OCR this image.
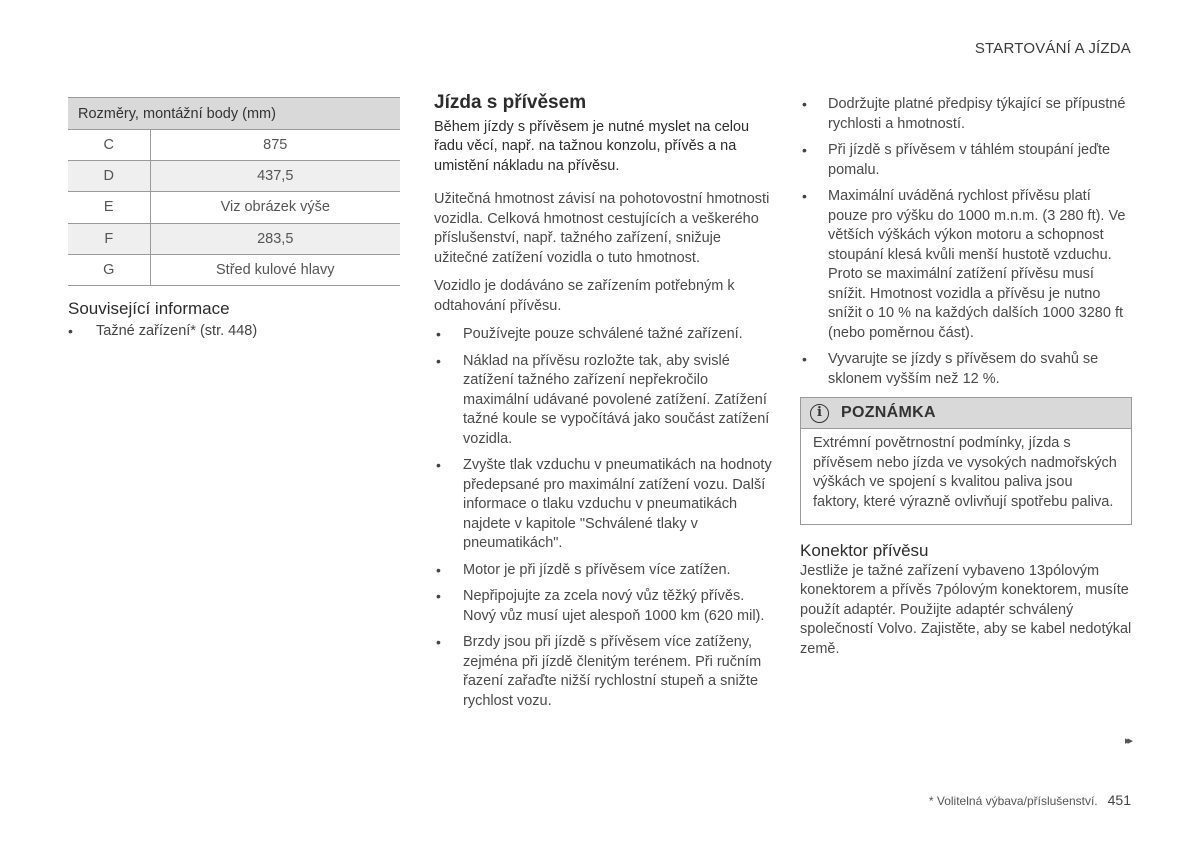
STARTOVÁNÍ A JÍZDA
Rozměry, montážní body (mm)	
C	875
D	437,5
E	Viz obrázek výše
F	283,5
G	Střed kulové hlavy
Související informace
• Tažné zařízení* (str. 448)
Jízda s přívěsem

Během jízdy s přívěsem je nutné myslet na celou řadu věcí, např. na tažnou konzolu, přívěs a na umistění nákladu na přívěsu.

Užitečná hmotnost závisí na pohotovostní hmotnosti vozidla. Celková hmotnost cestujících a veškerého příslušenství, např. tažného zařízení, snižuje užitečné zatížení vozidla o tuto hmotnost.

Vozidlo je dodáváno se zařízením potřebným k odtahování přívěsu.

• Používejte pouze schválené tažné zařízení.
• Náklad na přívěsu rozložte tak, aby svislé zatížení tažného zařízení nepřekročilo maximální udávané povolené zatížení. Zatížení tažné koule se vypočítává jako součást zatížení vozidla.
• Zvyšte tlak vzduchu v pneumatikách na hodnoty předepsané pro maximální zatížení vozu. Další informace o tlaku vzduchu v pneumatikách najdete v kapitole "Schválené tlaky v pneumatikách".
• Motor je při jízdě s přívěsem více zatížen.
• Nepřipojujte za zcela nový vůz těžký přívěs. Nový vůz musí ujet alespoň 1000 km (620 mil).
• Brzdy jsou při jízdě s přívěsem více zatíženy, zejména při jízdě členitým terénem. Při ručním řazení zařaďte nižší rychlostní stupeň a snižte rychlost vozu.
• Dodržujte platné předpisy týkající se přípustné rychlosti a hmotností.
• Při jízdě s přívěsem v táhlém stoupání jeďte pomalu.
• Maximální uváděná rychlost přívěsu platí pouze pro výšku do 1000 m.n.m. (3 280 ft). Ve větších výškách výkon motoru a schopnost stoupání klesá kvůli menší hustotě vzduchu. Proto se maximální zatížení přívěsu musí snížit. Hmotnost vozidla a přívěsu je nutno snížit o 10 % na každých dalších 1000 3280 ft (nebo poměrnou část).
• Vyvarujte se jízdy s přívěsem do svahů se sklonem vyšším než 12 %.
i	POZNÁMKA
Extrémní povětrnostní podmínky, jízda s přívěsem nebo jízda ve vysokých nadmořských výškách ve spojení s kvalitou paliva jsou faktory, které výrazně ovlivňují spotřebu paliva.
Konektor přívěsu

Jestliže je tažné zařízení vybaveno 13pólovým konektorem a přívěs 7pólovým konektorem, musíte použít adaptér. Použijte adaptér schválený společností Volvo. Zajistěte, aby se kabel nedotýkal země.

▸▸
* Volitelná výbava/příslušenství. 451
